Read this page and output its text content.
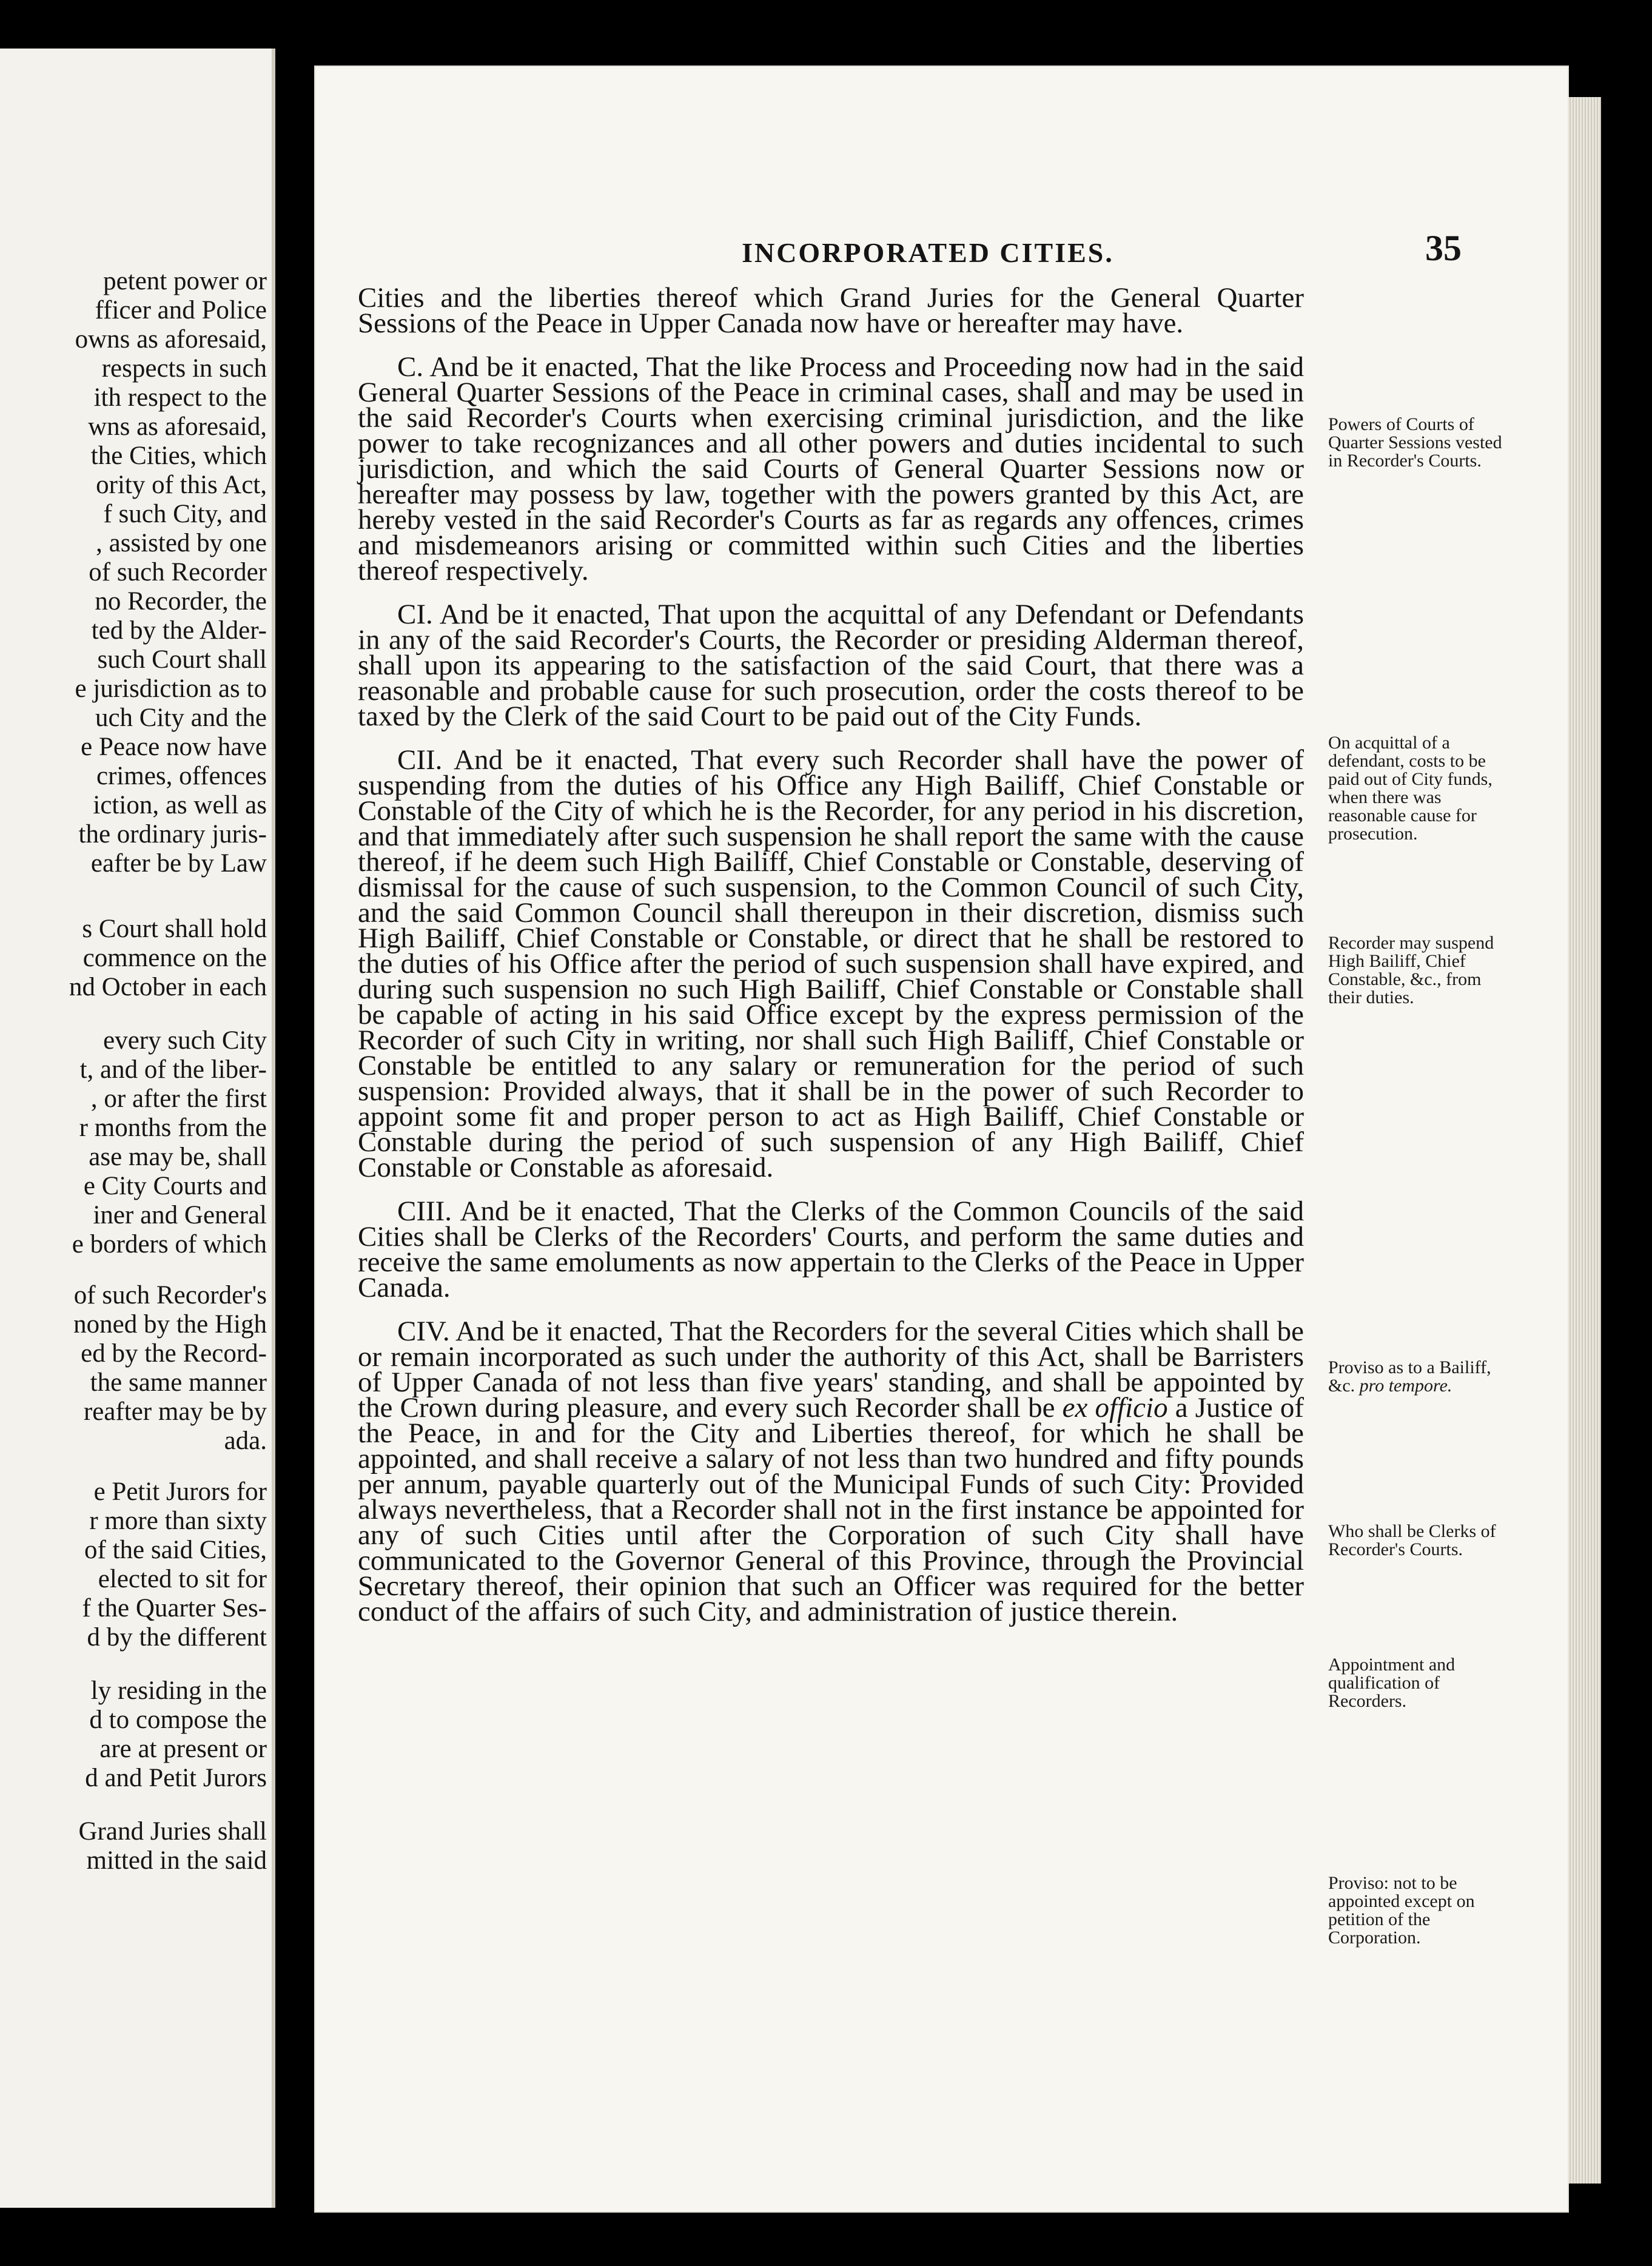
petent power or
fficer and Police
owns as aforesaid,
respects in such
ith respect to the
wns as aforesaid,
the Cities, which
ority of this Act,
f such City, and
, assisted by one
of such Recorder
no Recorder, the
ted by the Alder-
such Court shall
e jurisdiction as to
uch City and the
e Peace now have
crimes, offences
iction, as well as
the ordinary juris-
eafter be by Law
s Court shall hold
commence on the
nd October in each
every such City
t, and of the liber-
, or after the first
r months from the
ase may be, shall
e City Courts and
iner and General
e borders of which
of such Recorder's
noned by the High
ed by the Record-
the same manner
reafter may be by
ada.
e Petit Jurors for
r more than sixty
of the said Cities,
elected to sit for
f the Quarter Ses-
d by the different
ly residing in the
d to compose the
are at present or
d and Petit Jurors
Grand Juries shall
mitted in the said
INCORPORATED CITIES.	35

Cities and the liberties thereof which Grand Juries for the General Quarter Sessions of the Peace in Upper Canada now have or hereafter may have.

C. And be it enacted, That the like Process and Proceeding now had in the said General Quarter Sessions of the Peace in criminal cases, shall and may be used in the said Recorder's Courts when exercising criminal jurisdiction, and the like power to take recognizances and all other powers and duties incidental to such jurisdiction, and which the said Courts of General Quarter Sessions now or hereafter may possess by law, together with the powers granted by this Act, are hereby vested in the said Recorder's Courts as far as regards any offences, crimes and misdemeanors arising or committed within such Cities and the liberties thereof respectively.

CI. And be it enacted, That upon the acquittal of any Defendant or Defendants in any of the said Recorder's Courts, the Recorder or presiding Alderman thereof, shall upon its appearing to the satisfaction of the said Court, that there was a reasonable and probable cause for such prosecution, order the costs thereof to be taxed by the Clerk of the said Court to be paid out of the City Funds.

CII. And be it enacted, That every such Recorder shall have the power of suspending from the duties of his Office any High Bailiff, Chief Constable or Constable of the City of which he is the Recorder, for any period in his discretion, and that immediately after such suspension he shall report the same with the cause thereof, if he deem such High Bailiff, Chief Constable or Constable, deserving of dismissal for the cause of such suspension, to the Common Council of such City, and the said Common Council shall thereupon in their discretion, dismiss such High Bailiff, Chief Constable or Constable, or direct that he shall be restored to the duties of his Office after the period of such suspension shall have expired, and during such suspension no such High Bailiff, Chief Constable or Constable shall be capable of acting in his said Office except by the express permission of the Recorder of such City in writing, nor shall such High Bailiff, Chief Constable or Constable be entitled to any salary or remuneration for the period of such suspension: Provided always, that it shall be in the power of such Recorder to appoint some fit and proper person to act as High Bailiff, Chief Constable or Constable during the period of such suspension of any High Bailiff, Chief Constable or Constable as aforesaid.

CIII. And be it enacted, That the Clerks of the Common Councils of the said Cities shall be Clerks of the Recorders' Courts, and perform the same duties and receive the same emoluments as now appertain to the Clerks of the Peace in Upper Canada.

CIV. And be it enacted, That the Recorders for the several Cities which shall be or remain incorporated as such under the authority of this Act, shall be Barristers of Upper Canada of not less than five years' standing, and shall be appointed by the Crown during pleasure, and every such Recorder shall be ex officio a Justice of the Peace, in and for the City and Liberties thereof, for which he shall be appointed, and shall receive a salary of not less than two hundred and fifty pounds per annum, payable quarterly out of the Municipal Funds of such City: Provided always nevertheless, that a Recorder shall not in the first instance be appointed for any of such Cities until after the Corporation of such City shall have communicated to the Governor General of this Province, through the Provincial Secretary thereof, their opinion that such an Officer was required for the better conduct of the affairs of such City, and administration of justice therein.

Powers of Courts of Quarter Sessions vested in Recorder's Courts.
On acquittal of a defendant, costs to be paid out of City funds, when there was reasonable cause for prosecution.
Recorder may suspend High Bailiff, Chief Constable, &c., from their duties.
Proviso as to a Bailiff, &c. pro tempore.
Who shall be Clerks of Recorder's Courts.
Appointment and qualification of Recorders.
Proviso: not to be appointed except on petition of the Corporation.
